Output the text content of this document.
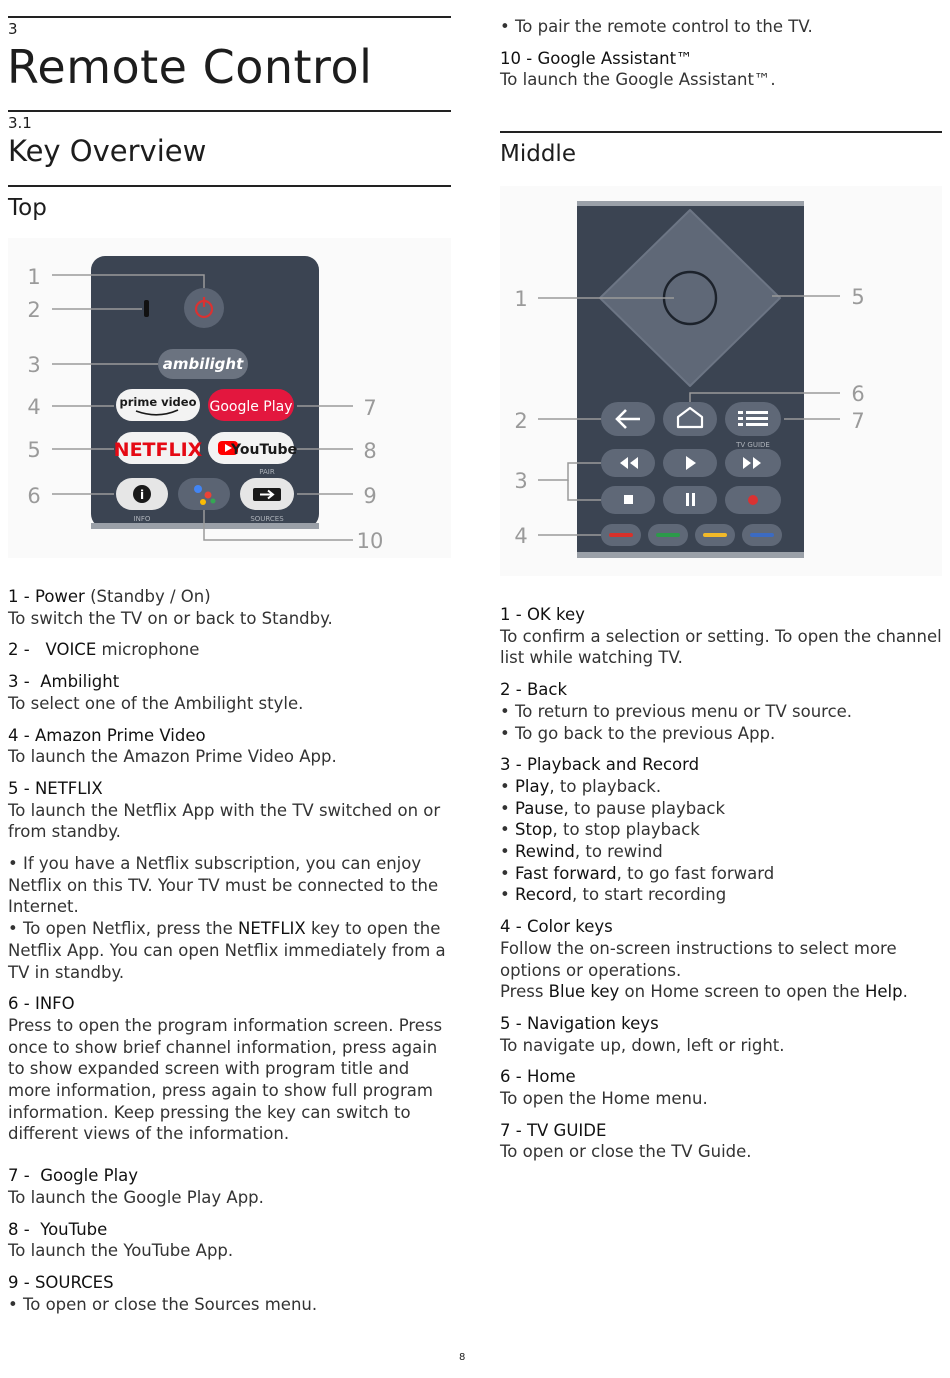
3
Remote Control
3.1
Key Overview
Top
ambilight
prime video Google Play
NETFLIX YouTube
i
INFO	SOURCES
PAIR
1
2
3
4
5
6
7
8
9
10

1 - Power (Standby / On)
To switch the TV on or back to Standby.

2 - VOICE microphone

3 - Ambilight
To select one of the Ambilight style.

4 - Amazon Prime Video
To launch the Amazon Prime Video App.

5 - NETFLIX
To launch the Netflix App with the TV switched on or
from standby.

• If you have a Netflix subscription, you can enjoy
Netflix on this TV. Your TV must be connected to the
Internet.
• To open Netflix, press the NETFLIX key to open the
Netflix App. You can open Netflix immediately from a
TV in standby.

6 - INFO
Press to open the program information screen. Press
once to show brief channel information, press again
to show expanded screen with program title and
more information, press again to show full program
information. Keep pressing the key can switch to
different views of the information.

7 - Google Play
To launch the Google Play App.

8 - YouTube
To launch the YouTube App.

9 - SOURCES
• To open or close the Sources menu.

• To pair the remote control to the TV.

10 - Google Assistant™
To launch the Google Assistant™.

Middle
TV GUIDE
1
2
3
4
5
6
7

1 - OK key
To confirm a selection or setting. To open the channel
list while watching TV.

2 - Back
• To return to previous menu or TV source.
• To go back to the previous App.

3 - Playback and Record
• Play, to playback.
• Pause, to pause playback
• Stop, to stop playback
• Rewind, to rewind
• Fast forward, to go fast forward
• Record, to start recording

4 - Color keys
Follow the on-screen instructions to select more
options or operations.
Press Blue key on Home screen to open the Help.

5 - Navigation keys
To navigate up, down, left or right.

6 - Home
To open the Home menu.

7 - TV GUIDE
To open or close the TV Guide.

8
